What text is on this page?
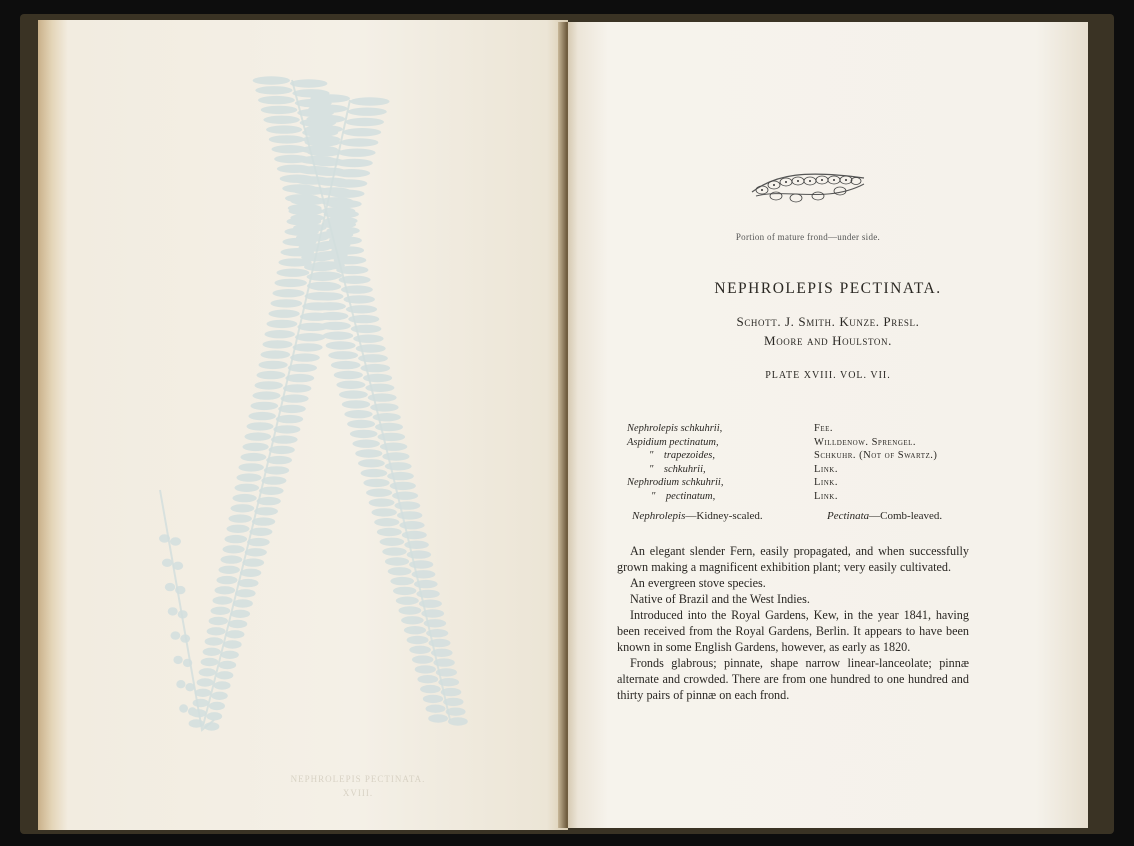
NEPHROLEPIS PECTINATA.
XVIII.
Portion of mature frond—under side.
NEPHROLEPIS PECTINATA.
Schott. J. Smith. Kunze. Presl.
Moore and Houlston.
PLATE XVIII. VOL. VII.
Nephrolepis schkuhrii,	Fee.
Aspidium pectinatum,	Willdenow. Sprengel.
"    trapezoides,	Schkuhr. (Not of Swartz.)
"    schkuhrii,	Link.
Nephrodium schkuhrii,	Link.
"    pectinatum,	Link.
Nephrolepis—Kidney-scaled.	Pectinata—Comb-leaved.

An elegant slender Fern, easily propagated, and when successfully grown making a magnificent exhibition plant; very easily cultivated.

An evergreen stove species.

Native of Brazil and the West Indies.

Introduced into the Royal Gardens, Kew, in the year 1841, having been received from the Royal Gardens, Berlin. It appears to have been known in some English Gardens, however, as early as 1820.

Fronds glabrous; pinnate, shape narrow linear-lanceolate; pinnæ alternate and crowded. There are from one hundred to one hundred and thirty pairs of pinnæ on each frond.
